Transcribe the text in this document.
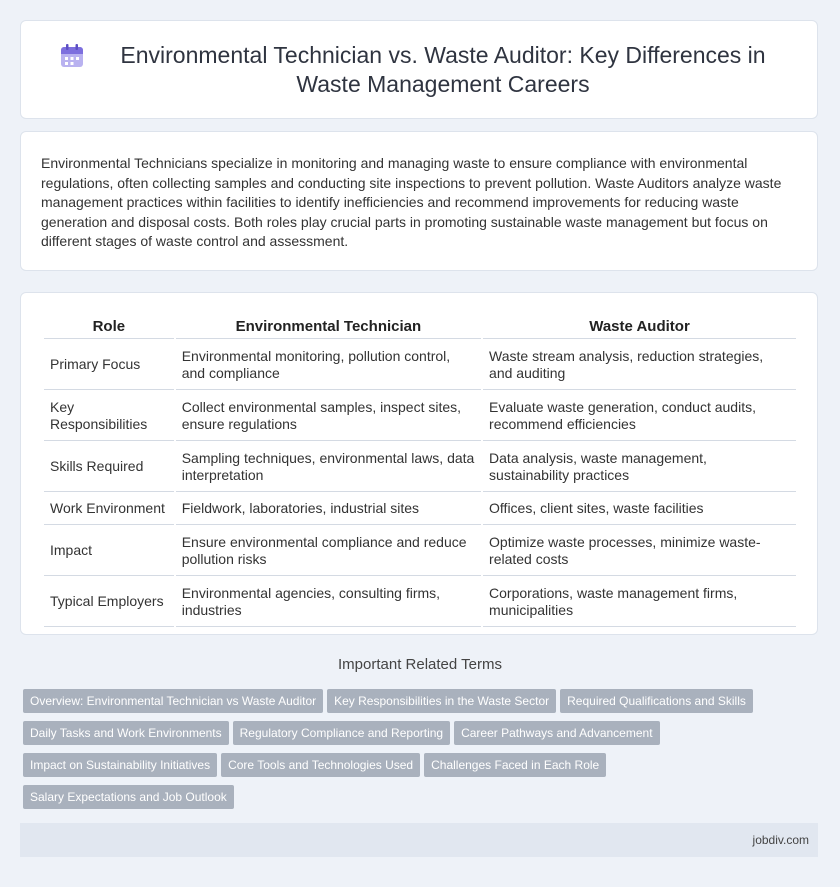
Environmental Technician vs. Waste Auditor: Key Differences in Waste Management Careers

Environmental Technicians specialize in monitoring and managing waste to ensure compliance with environmental regulations, often collecting samples and conducting site inspections to prevent pollution. Waste Auditors analyze waste management practices within facilities to identify inefficiencies and recommend improvements for reducing waste generation and disposal costs. Both roles play crucial parts in promoting sustainable waste management but focus on different stages of waste control and assessment.

Role	Environmental Technician	Waste Auditor
Primary Focus	Environmental monitoring, pollution control, and compliance	Waste stream analysis, reduction strategies, and auditing
Key Responsibilities	Collect environmental samples, inspect sites, ensure regulations	Evaluate waste generation, conduct audits, recommend efficiencies
Skills Required	Sampling techniques, environmental laws, data interpretation	Data analysis, waste management, sustainability practices
Work Environment	Fieldwork, laboratories, industrial sites	Offices, client sites, waste facilities
Impact	Ensure environmental compliance and reduce pollution risks	Optimize waste processes, minimize waste-related costs
Typical Employers	Environmental agencies, consulting firms, industries	Corporations, waste management firms, municipalities
Important Related Terms
Overview: Environmental Technician vs Waste Auditor Key Responsibilities in the Waste Sector Required Qualifications and Skills
Daily Tasks and Work Environments Regulatory Compliance and Reporting Career Pathways and Advancement
Impact on Sustainability Initiatives Core Tools and Technologies Used Challenges Faced in Each Role
Salary Expectations and Job Outlook
jobdiv.com
